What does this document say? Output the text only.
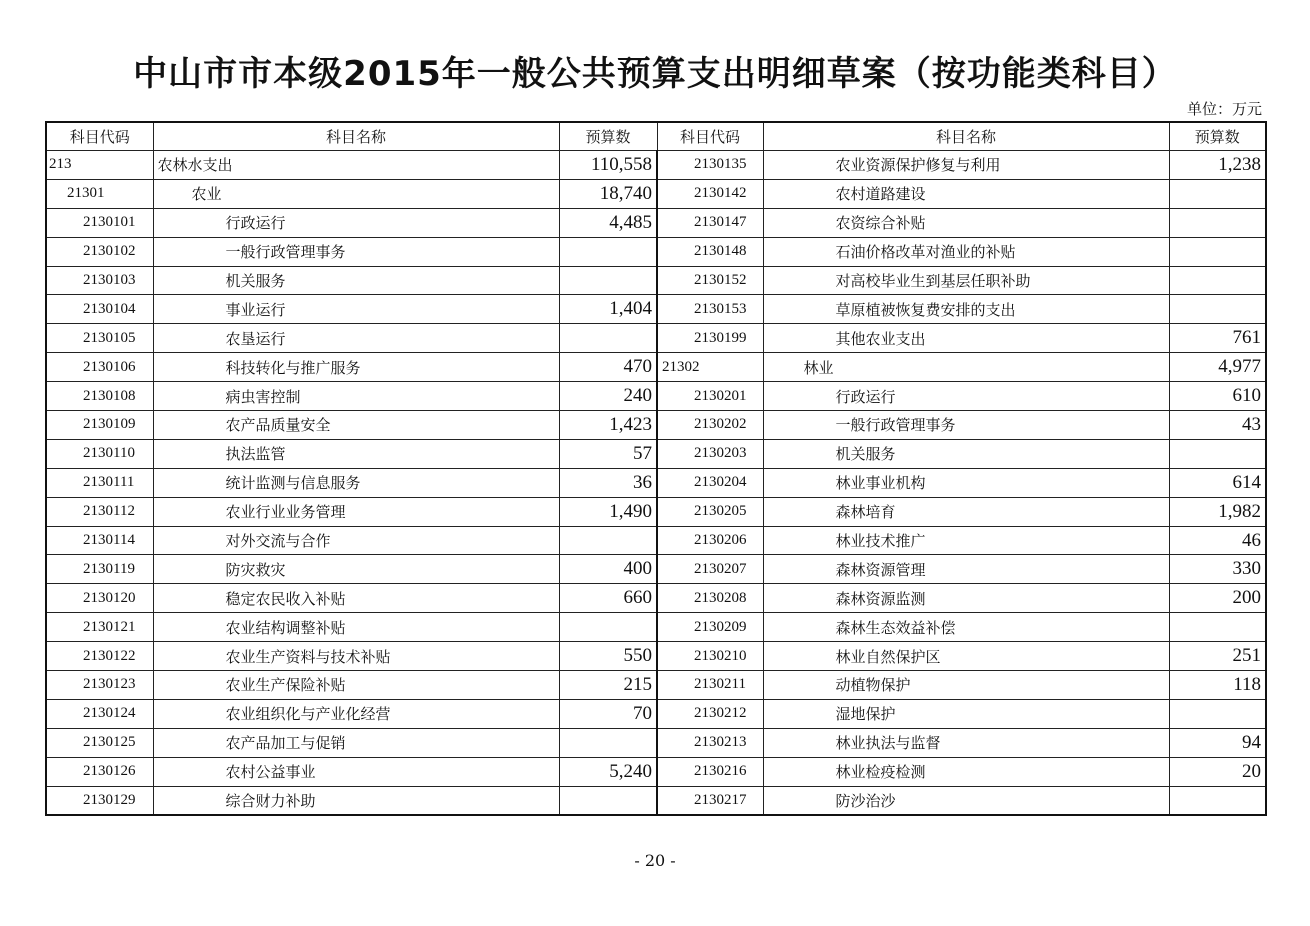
中山市市本级2015年一般公共预算支出明细草案（按功能类科目）
单位：万元
科目代码	科目名称	预算数	科目代码	科目名称	预算数
213	农林水支出	110,558	2130135	农业资源保护修复与利用	1,238
21301	农业	18,740	2130142	农村道路建设	
2130101	行政运行	4,485	2130147	农资综合补贴	
2130102	一般行政管理事务		2130148	石油价格改革对渔业的补贴	
2130103	机关服务		2130152	对高校毕业生到基层任职补助	
2130104	事业运行	1,404	2130153	草原植被恢复费安排的支出	
2130105	农垦运行		2130199	其他农业支出	761
2130106	科技转化与推广服务	470	21302	林业	4,977
2130108	病虫害控制	240	2130201	行政运行	610
2130109	农产品质量安全	1,423	2130202	一般行政管理事务	43
2130110	执法监管	57	2130203	机关服务	
2130111	统计监测与信息服务	36	2130204	林业事业机构	614
2130112	农业行业业务管理	1,490	2130205	森林培育	1,982
2130114	对外交流与合作		2130206	林业技术推广	46
2130119	防灾救灾	400	2130207	森林资源管理	330
2130120	稳定农民收入补贴	660	2130208	森林资源监测	200
2130121	农业结构调整补贴		2130209	森林生态效益补偿	
2130122	农业生产资料与技术补贴	550	2130210	林业自然保护区	251
2130123	农业生产保险补贴	215	2130211	动植物保护	118
2130124	农业组织化与产业化经营	70	2130212	湿地保护	
2130125	农产品加工与促销		2130213	林业执法与监督	94
2130126	农村公益事业	5,240	2130216	林业检疫检测	20
2130129	综合财力补助		2130217	防沙治沙	
- 20 -
